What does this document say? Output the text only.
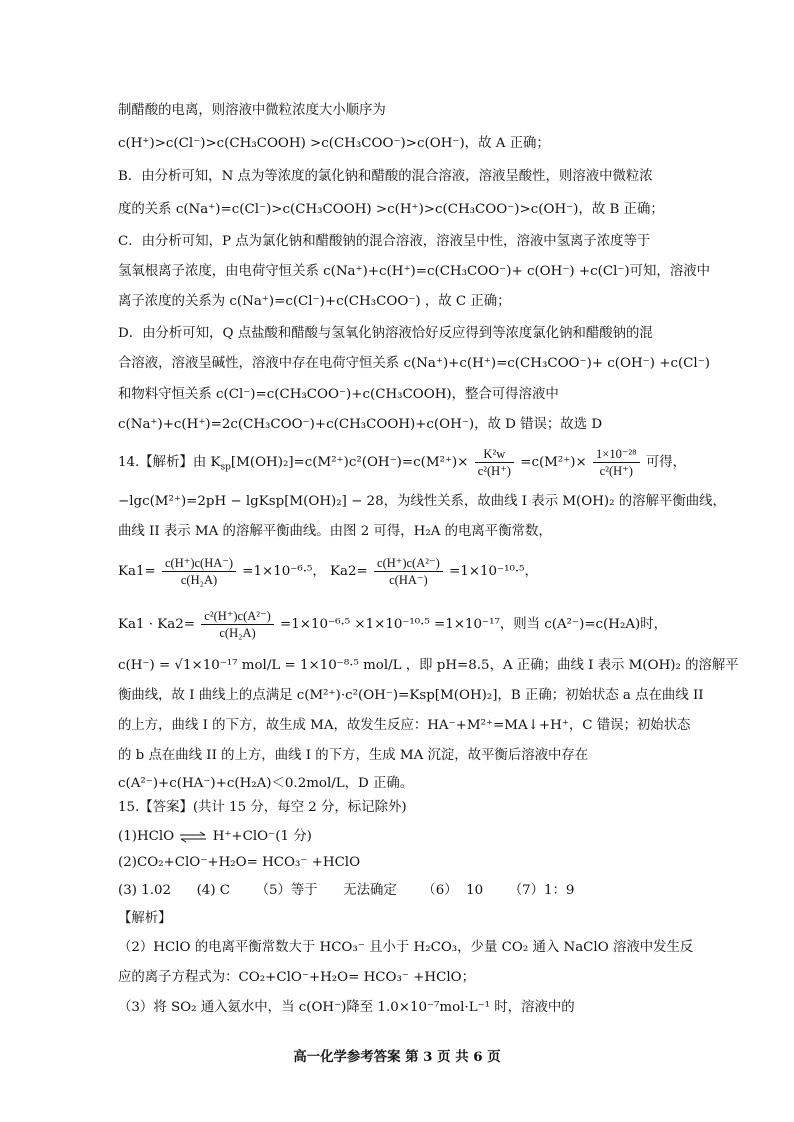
制醋酸的电离，则溶液中微粒浓度大小顺序为
c(H⁺)>c(Cl⁻)>c(CH₃COOH) >c(CH₃COO⁻)>c(OH⁻)，故 A 正确；
B．由分析可知，N 点为等浓度的氯化钠和醋酸的混合溶液，溶液呈酸性，则溶液中微粒浓
度的关系 c(Na⁺)=c(Cl⁻)>c(CH₃COOH) >c(H⁺)>c(CH₃COO⁻)>c(OH⁻)，故 B 正确；
C．由分析可知，P 点为氯化钠和醋酸钠的混合溶液，溶液呈中性，溶液中氢离子浓度等于
氢氧根离子浓度，由电荷守恒关系 c(Na⁺)+c(H⁺)=c(CH₃COO⁻)+ c(OH⁻) +c(Cl⁻)可知，溶液中
离子浓度的关系为 c(Na⁺)=c(Cl⁻)+c(CH₃COO⁻) ，故 C 正确；
D．由分析可知，Q 点盐酸和醋酸与氢氧化钠溶液恰好反应得到等浓度氯化钠和醋酸钠的混
合溶液，溶液呈碱性，溶液中存在电荷守恒关系 c(Na⁺)+c(H⁺)=c(CH₃COO⁻)+ c(OH⁻) +c(Cl⁻)
和物料守恒关系 c(Cl⁻)=c(CH₃COO⁻)+c(CH₃COOH)，整合可得溶液中
c(Na⁺)+c(H⁺)=2c(CH₃COO⁻)+c(CH₃COOH)+c(OH⁻)，故 D 错误；故选 D
14.【解析】由 $K_{sp}[M(OH)_2]=c(M^{2+})c^2(OH^-)=c(M^{2+})\times \frac{\text{K²w}}{\text{c²(H⁺)}} =c(M^{2+})\times \frac{\text{1×10⁻²⁸}}{\text{c²(H⁺)}}$ 可得，
−lgc(M²⁺)=2pH − lgKsp[M(OH)₂] − 28，为线性关系，故曲线 I 表示 M(OH)₂ 的溶解平衡曲线，
曲线 II 表示 MA 的溶解平衡曲线。由图 2 可得，H₂A 的电离平衡常数，
$Ka1= \frac{c(H^+)c(HA^-)}{\text{c(H₂A)}} =1\times 10^{-6}\cdot^5$， $Ka2= \frac{\text{c(H⁺)c(A²⁻)}}{c(HA^-)} =1\times 10^{-10}\cdot^5$，
$Ka1 \cdot Ka2= \frac{\text{c²(H⁺)c(A²⁻)}}{\text{c(H₂A)}} =1\times 10^{-6}\cdot^5 \times 1\times 10^{-10}\cdot^5 =1\times 10^{-17}$，则当 c(A²⁻)=c(H₂A)时，
c(H⁻) = √1×10⁻¹⁷ mol/L = 1×10⁻⁸·⁵ mol/L ，即 pH=8.5，A 正确；曲线 I 表示 M(OH)₂ 的溶解平
衡曲线，故 I 曲线上的点满足 c(M²⁺)·c²(OH⁻)=Ksp[M(OH)₂]，B 正确；初始状态 a 点在曲线 II
的上方，曲线 I 的下方，故生成 MA，故发生反应：HA⁻+M²⁺=MA↓+H⁺，C 错误；初始状态
的 b 点在曲线 II 的上方，曲线 I 的下方，生成 MA 沉淀，故平衡后溶液中存在
c(A²⁻)+c(HA⁻)+c(H₂A)＜0.2mol/L，D 正确。
15.【答案】(共计 15 分，每空 2 分，标记除外)
(1)HClO ⇌ H⁺+ClO⁻(1 分)
(2)CO₂+ClO⁻+H₂O= HCO₃⁻ +HClO
(3) 1.02      (4) C      （5）等于      无法确定      （6）  10      （7）1：9
【解析】
（2）HClO 的电离平衡常数大于 HCO₃⁻ 且小于 H₂CO₃，少量 CO₂ 通入 NaClO 溶液中发生反
应的离子方程式为：CO₂+ClO⁻+H₂O= HCO₃⁻ +HClO；
（3）将 SO₂ 通入氨水中，当 c(OH⁻)降至 1.0×10⁻⁷mol·L⁻¹ 时，溶液中的
高一化学参考答案 第 3 页 共 6 页
